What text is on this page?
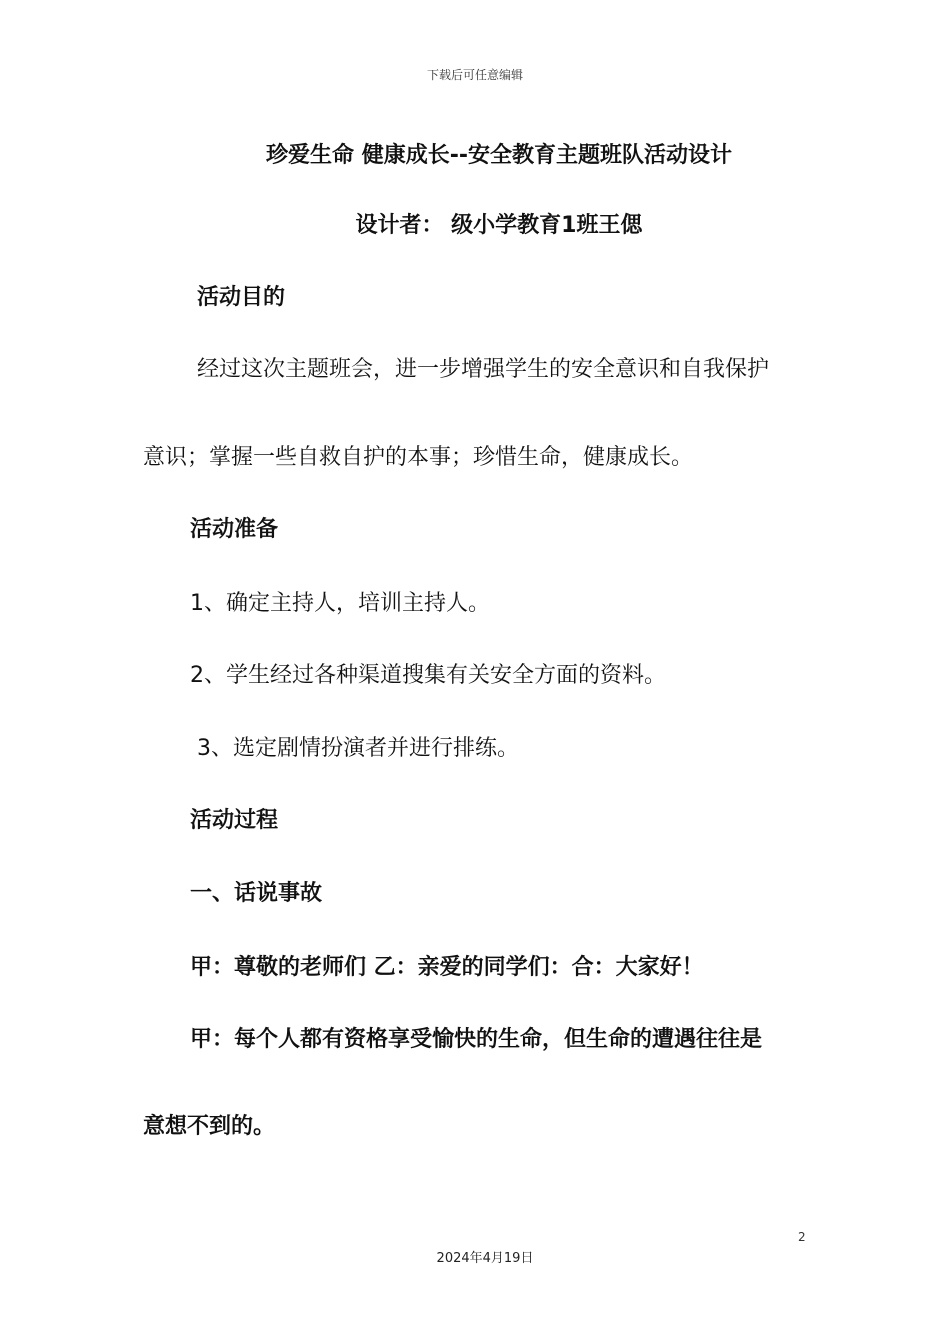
下载后可任意编辑
珍爱生命 健康成长--安全教育主题班队活动设计
设计者： 级小学教育1班王偲
活动目的
经过这次主题班会，进一步增强学生的安全意识和自我保护
意识；掌握一些自救自护的本事；珍惜生命，健康成长。
活动准备
1、确定主持人，培训主持人。
2、学生经过各种渠道搜集有关安全方面的资料。
3、选定剧情扮演者并进行排练。
活动过程
一、话说事故
甲：尊敬的老师们 乙：亲爱的同学们：合：大家好！
甲：每个人都有资格享受愉快的生命，但生命的遭遇往往是
意想不到的。
2
2024年4月19日
